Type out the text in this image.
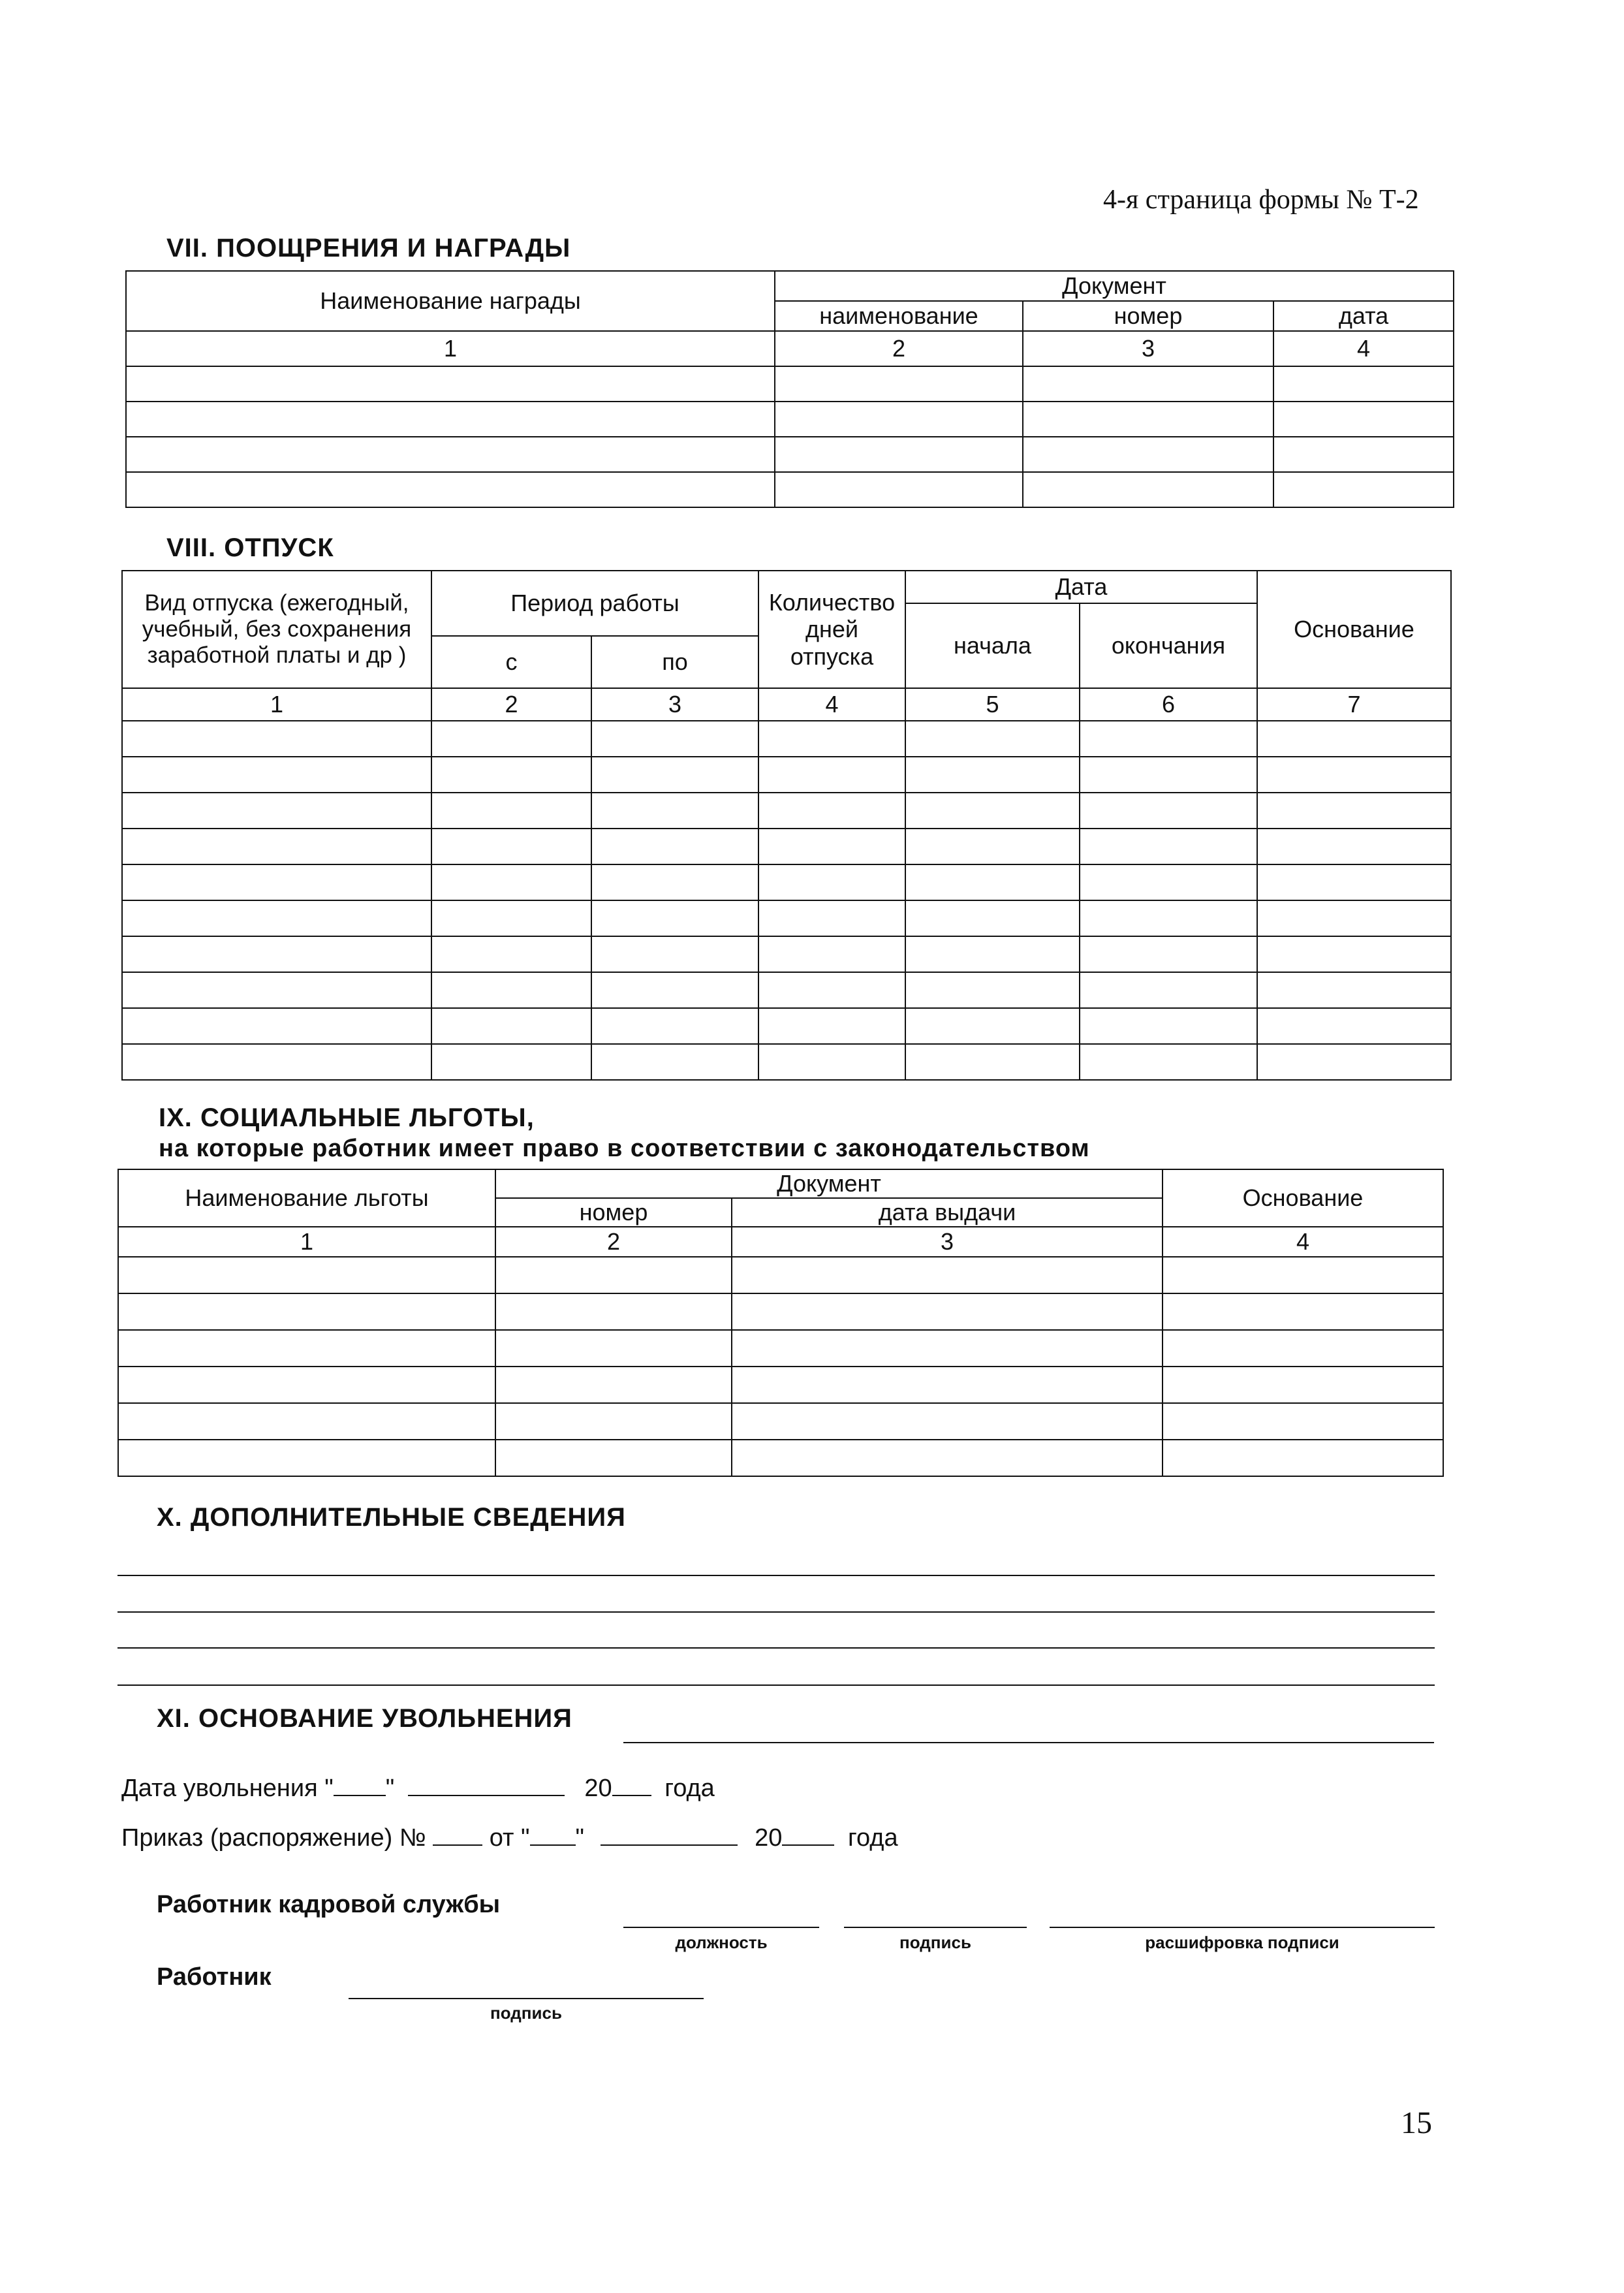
4-я страница формы № Т-2
VII. ПООЩРЕНИЯ И НАГРАДЫ
Наименование награды	Документ		
	наименование	номер	дата
1	2	3	4

VIII. ОТПУСК
Вид отпуска (ежегодный, учебный, без сохранения заработной платы и др )	Период работы		Количество дней отпуска	Дата		Основание
				начала	окончания	
	с	по				
1	2	3	4	5	6	7

IX. СОЦИАЛЬНЫЕ ЛЬГОТЫ,
на которые работник имеет право в соответствии с законодательством
Наименование льготы	Документ		Основание
	номер	дата выдачи	
1	2	3	4

X. ДОПОЛНИТЕЛЬНЫЕ СВЕДЕНИЯ
XI. ОСНОВАНИЕ УВОЛЬНЕНИЯ
Дата увольнения " "	20 года
Приказ (распоряжение) №	от " "	20	года
Работник кадровой службы
должность	подпись	расшифровка подписи
Работник
подпись
15
